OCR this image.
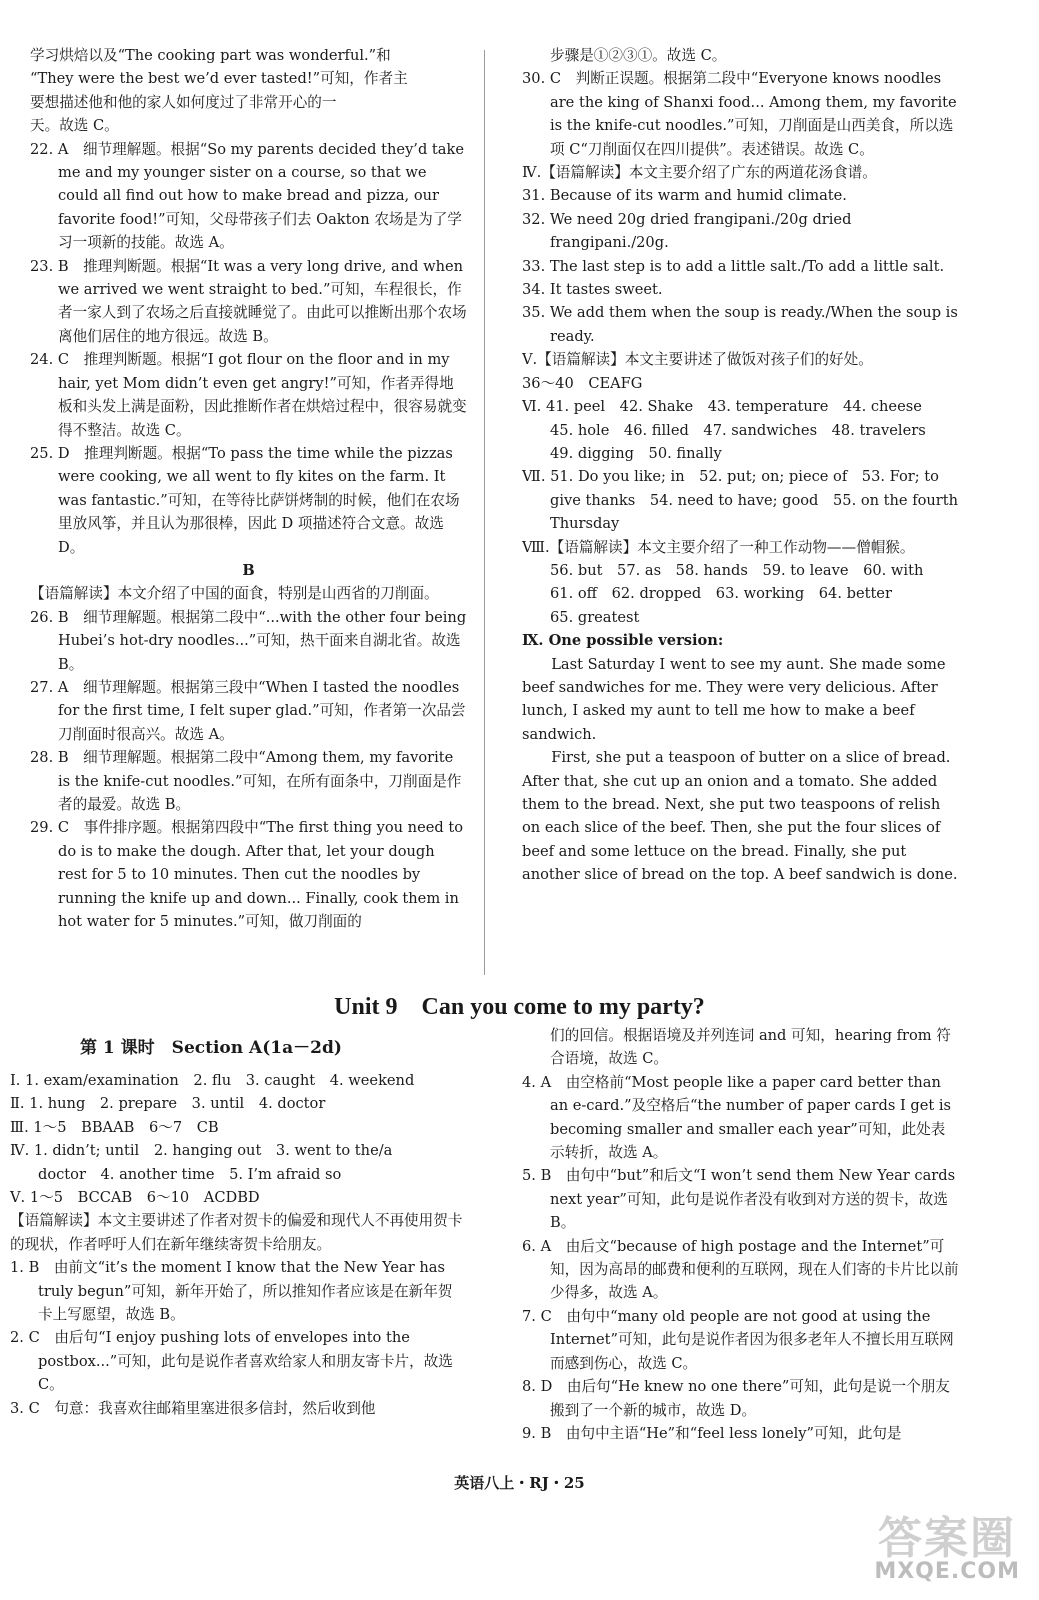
学习烘焙以及“The cooking part was wonderful.”和
“They were the best we’d ever tasted!”可知，作者主
要想描述他和他的家人如何度过了非常开心的一
天。故选 C。
22. A　细节理解题。根据“So my parents decided they’d take me and my younger sister on a course, so that we could all find out how to make bread and pizza, our favorite food!”可知，父母带孩子们去 Oakton 农场是为了学习一项新的技能。故选 A。
23. B　推理判断题。根据“It was a very long drive, and when we arrived we went straight to bed.”可知，车程很长，作者一家人到了农场之后直接就睡觉了。由此可以推断出那个农场离他们居住的地方很远。故选 B。
24. C　推理判断题。根据“I got flour on the floor and in my hair, yet Mom didn’t even get angry!”可知，作者弄得地板和头发上满是面粉，因此推断作者在烘焙过程中，很容易就变得不整洁。故选 C。
25. D　推理判断题。根据“To pass the time while the pizzas were cooking, we all went to fly kites on the farm. It was fantastic.”可知，在等待比萨饼烤制的时候，他们在农场里放风筝，并且认为那很棒，因此 D 项描述符合文意。故选 D。
B
【语篇解读】本文介绍了中国的面食，特别是山西省的刀削面。
26. B　细节理解题。根据第二段中“...with the other four being Hubei’s hot-dry noodles...”可知，热干面来自湖北省。故选 B。
27. A　细节理解题。根据第三段中“When I tasted the noodles for the first time, I felt super glad.”可知，作者第一次品尝刀削面时很高兴。故选 A。
28. B　细节理解题。根据第二段中“Among them, my favorite is the knife-cut noodles.”可知，在所有面条中，刀削面是作者的最爱。故选 B。
29. C　事件排序题。根据第四段中“The first thing you need to do is to make the dough. After that, let your dough rest for 5 to 10 minutes. Then cut the noodles by running the knife up and down... Finally, cook them in hot water for 5 minutes.”可知，做刀削面的
步骤是①②③①。故选 C。
30. C　判断正误题。根据第二段中“Everyone knows noodles are the king of Shanxi food... Among them, my favorite is the knife-cut noodles.”可知，刀削面是山西美食，所以选项 C“刀削面仅在四川提供”。表述错误。故选 C。
Ⅳ.【语篇解读】本文主要介绍了广东的两道花汤食谱。
31. Because of its warm and humid climate.
32. We need 20g dried frangipani./20g dried frangipani./20g.
33. The last step is to add a little salt./To add a little salt.
34. It tastes sweet.
35. We add them when the soup is ready./When the soup is ready.
Ⅴ.【语篇解读】本文主要讲述了做饭对孩子们的好处。
36～40　CEAFG
Ⅵ. 41. peel　42. Shake　43. temperature　44. cheese
45. hole　46. filled　47. sandwiches　48. travelers
49. digging　50. finally
Ⅶ. 51. Do you like; in　52. put; on; piece of　53. For; to give thanks　54. need to have; good　55. on the fourth Thursday
Ⅷ.【语篇解读】本文主要介绍了一种工作动物——僧帽猴。
56. but　57. as　58. hands　59. to leave　60. with
61. off　62. dropped　63. working　64. better
65. greatest
Ⅸ. One possible version:
Last Saturday I went to see my aunt. She made some beef sandwiches for me. They were very delicious. After lunch, I asked my aunt to tell me how to make a beef sandwich.
First, she put a teaspoon of butter on a slice of bread. After that, she cut up an onion and a tomato. She added them to the bread. Next, she put two teaspoons of relish on each slice of the beef. Then, she put the four slices of beef and some lettuce on the bread. Finally, she put another slice of bread on the top. A beef sandwich is done.
Unit 9　Can you come to my party?
第 1 课时　Section A(1a－2d)
Ⅰ. 1. exam/examination　2. flu　3. caught　4. weekend
Ⅱ. 1. hung　2. prepare　3. until　4. doctor
Ⅲ. 1～5　BBAAB　6～7　CB
Ⅳ. 1. didn’t; until　2. hanging out　3. went to the/a
doctor　4. another time　5. I’m afraid so
Ⅴ. 1～5　BCCAB　6～10　ACDBD
【语篇解读】本文主要讲述了作者对贺卡的偏爱和现代人不再使用贺卡的现状，作者呼吁人们在新年继续寄贺卡给朋友。
1. B　由前文“it’s the moment I know that the New Year has truly begun”可知，新年开始了，所以推知作者应该是在新年贺卡上写愿望，故选 B。
2. C　由后句“I enjoy pushing lots of envelopes into the postbox...”可知，此句是说作者喜欢给家人和朋友寄卡片，故选 C。
3. C　句意：我喜欢往邮箱里塞进很多信封，然后收到他
们的回信。根据语境及并列连词 and 可知，hearing from 符合语境，故选 C。
4. A　由空格前“Most people like a paper card better than an e-card.”及空格后“the number of paper cards I get is becoming smaller and smaller each year”可知，此处表示转折，故选 A。
5. B　由句中“but”和后文“I won’t send them New Year cards next year”可知，此句是说作者没有收到对方送的贺卡，故选 B。
6. A　由后文“because of high postage and the Internet”可知，因为高昂的邮费和便利的互联网，现在人们寄的卡片比以前少得多，故选 A。
7. C　由句中“many old people are not good at using the Internet”可知，此句是说作者因为很多老年人不擅长用互联网而感到伤心，故选 C。
8. D　由后句“He knew no one there”可知，此句是说一个朋友搬到了一个新的城市，故选 D。
9. B　由句中主语“He”和“feel less lonely”可知，此句是
英语八上・RJ・25
答案圈
MXQE.COM
